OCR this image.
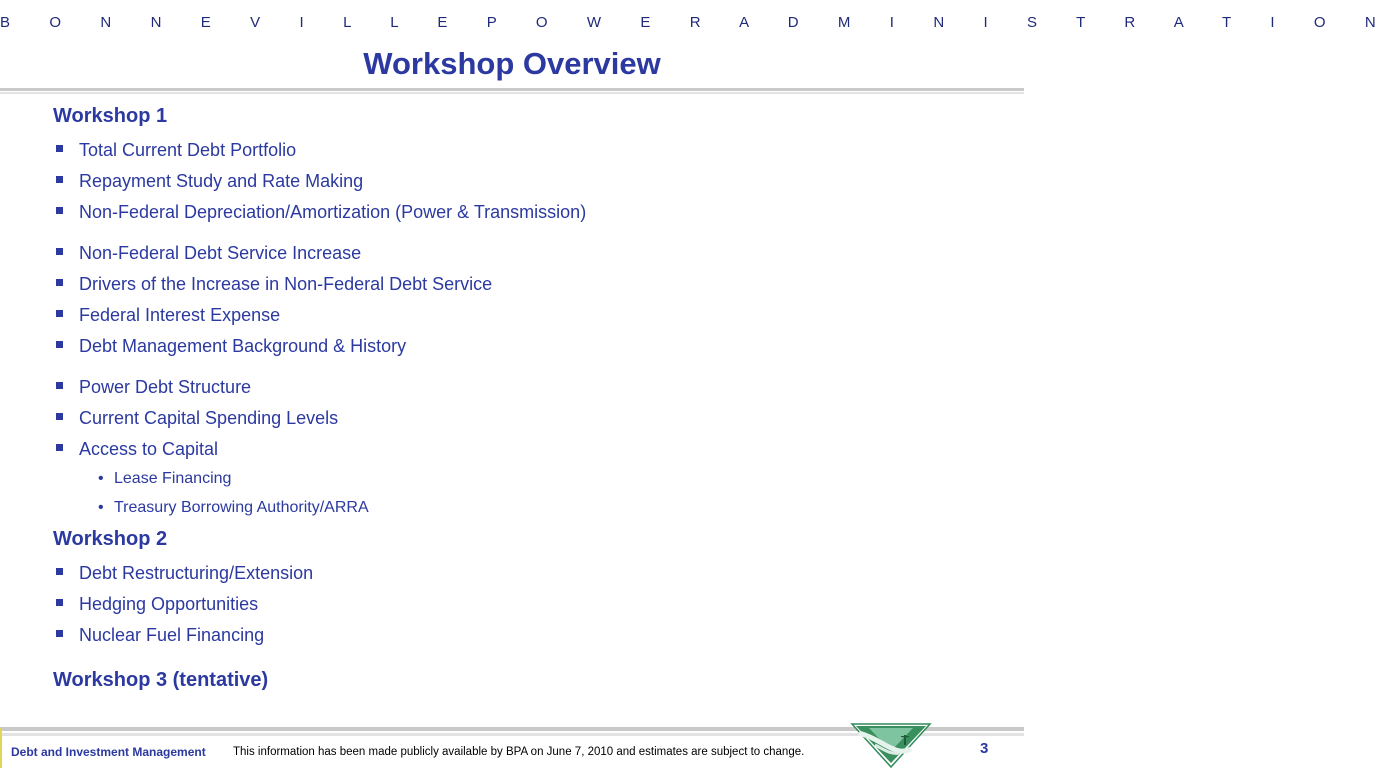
B O N N E V I L L E P O W E R A D M I N I S T R A T I O N
Workshop Overview
Workshop 1
Total Current Debt Portfolio
Repayment Study and Rate Making
Non-Federal Depreciation/Amortization (Power & Transmission)
Non-Federal Debt Service Increase
Drivers of the Increase in Non-Federal Debt Service
Federal Interest Expense
Debt Management Background & History
Power Debt Structure
Current Capital Spending Levels
Access to Capital
• Lease Financing
• Treasury Borrowing Authority/ARRA
Workshop 2
Debt Restructuring/Extension
Hedging Opportunities
Nuclear Fuel Financing
Workshop 3 (tentative)
Debt and Investment Management This information has been made publicly available by BPA on June 7, 2010 and estimates are subject to change.	3
